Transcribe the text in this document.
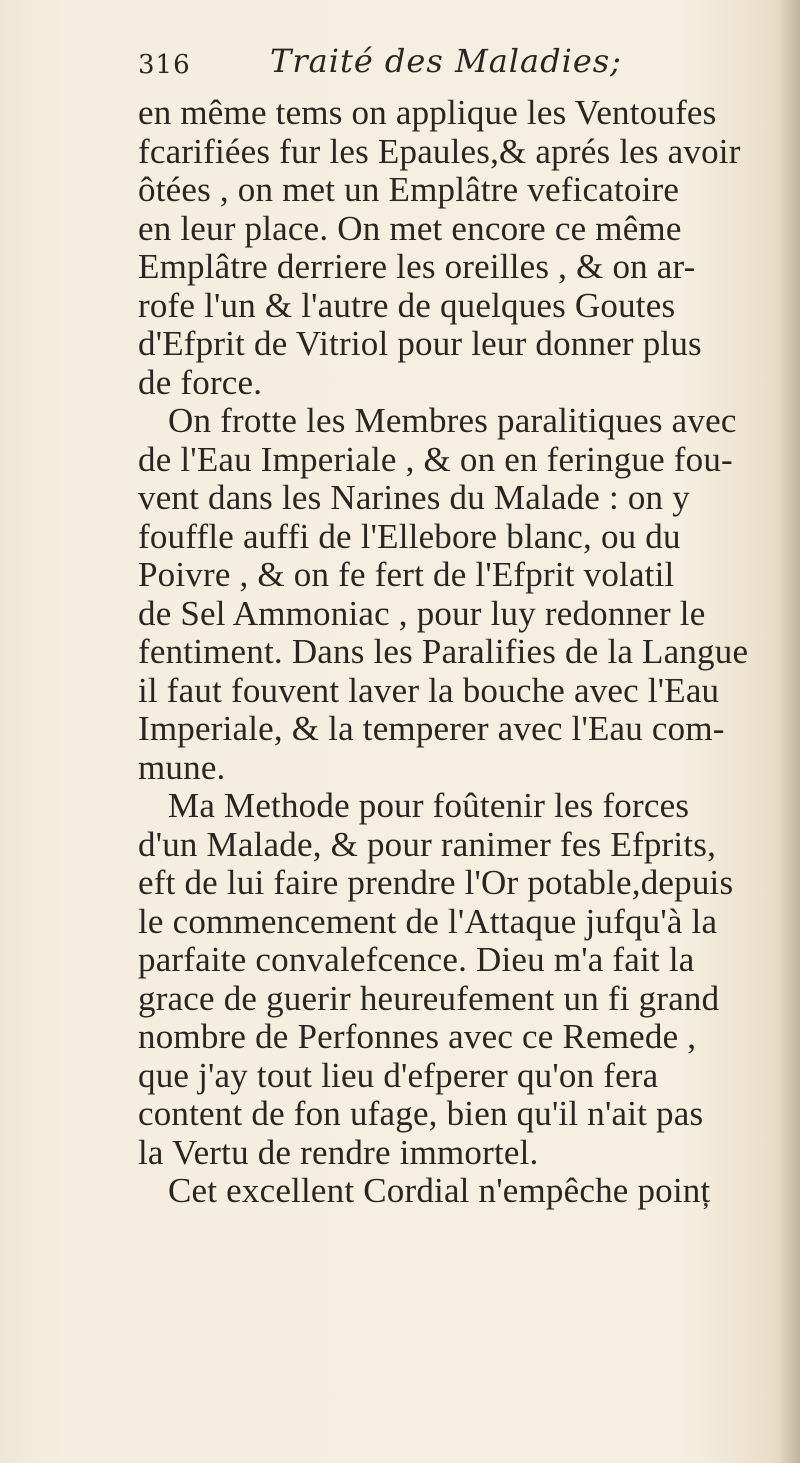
316 Traité des Maladies;
en même tems on applique les Ventoufes
fcarifiées fur les Epaules,& aprés les avoir
ôtées , on met un Emplâtre veficatoire
en leur place. On met encore ce même
Emplâtre derriere les oreilles , & on ar-
rofe l'un & l'autre de quelques Goutes
d'Efprit de Vitriol pour leur donner plus
de force.
On frotte les Membres paralitiques avec
de l'Eau Imperiale , & on en feringue fou-
vent dans les Narines du Malade : on y
fouffle auffi de l'Ellebore blanc, ou du
Poivre , & on fe fert de l'Efprit volatil
de Sel Ammoniac , pour luy redonner le
fentiment. Dans les Paralifies de la Langue
il faut fouvent laver la bouche avec l'Eau
Imperiale, & la temperer avec l'Eau com-
mune.
Ma Methode pour foûtenir les forces
d'un Malade, & pour ranimer fes Efprits,
eft de lui faire prendre l'Or potable,depuis
le commencement de l'Attaque jufqu'à la
parfaite convalefcence. Dieu m'a fait la
grace de guerir heureufement un fi grand
nombre de Perfonnes avec ce Remede ,
que j'ay tout lieu d'efperer qu'on fera
content de fon ufage, bien qu'il n'ait pas
la Vertu de rendre immortel.
Cet excellent Cordial n'empêche poinț
